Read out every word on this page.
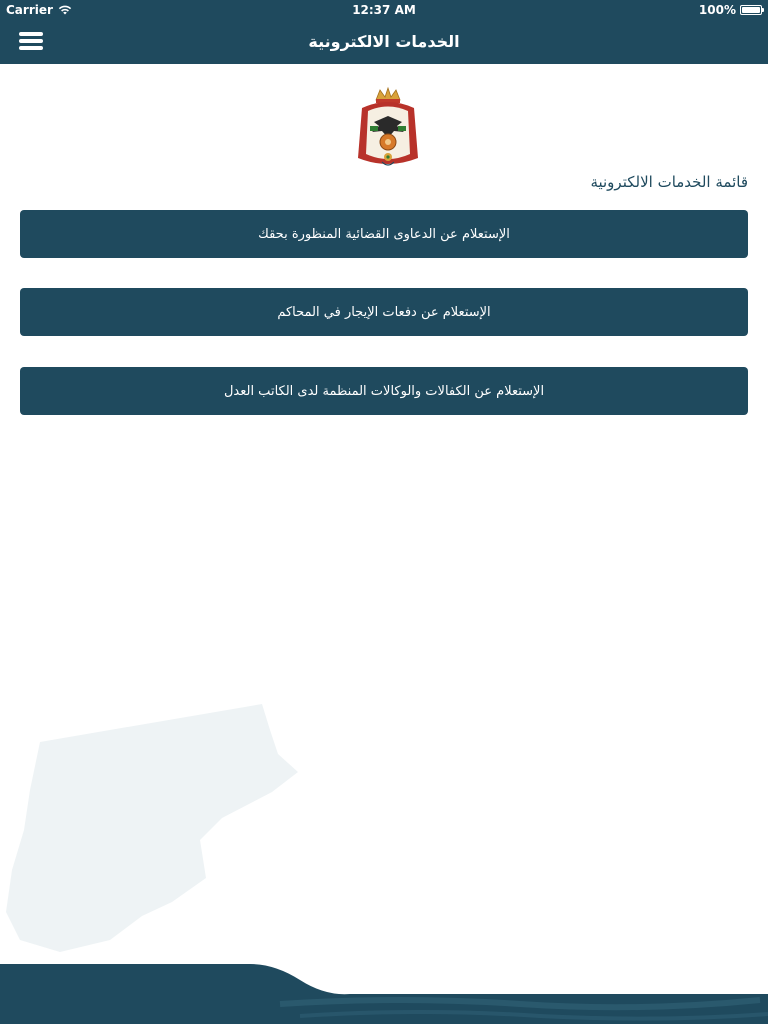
Carrier	12:37 AM	100%
الخدمات الالكترونية
قائمة الخدمات الالكترونية
الإستعلام عن الدعاوى القضائية المنظورة بحقك
الإستعلام عن دفعات الإيجار في المحاكم
الإستعلام عن الكفالات والوكالات المنظمة لدى الكاتب العدل
